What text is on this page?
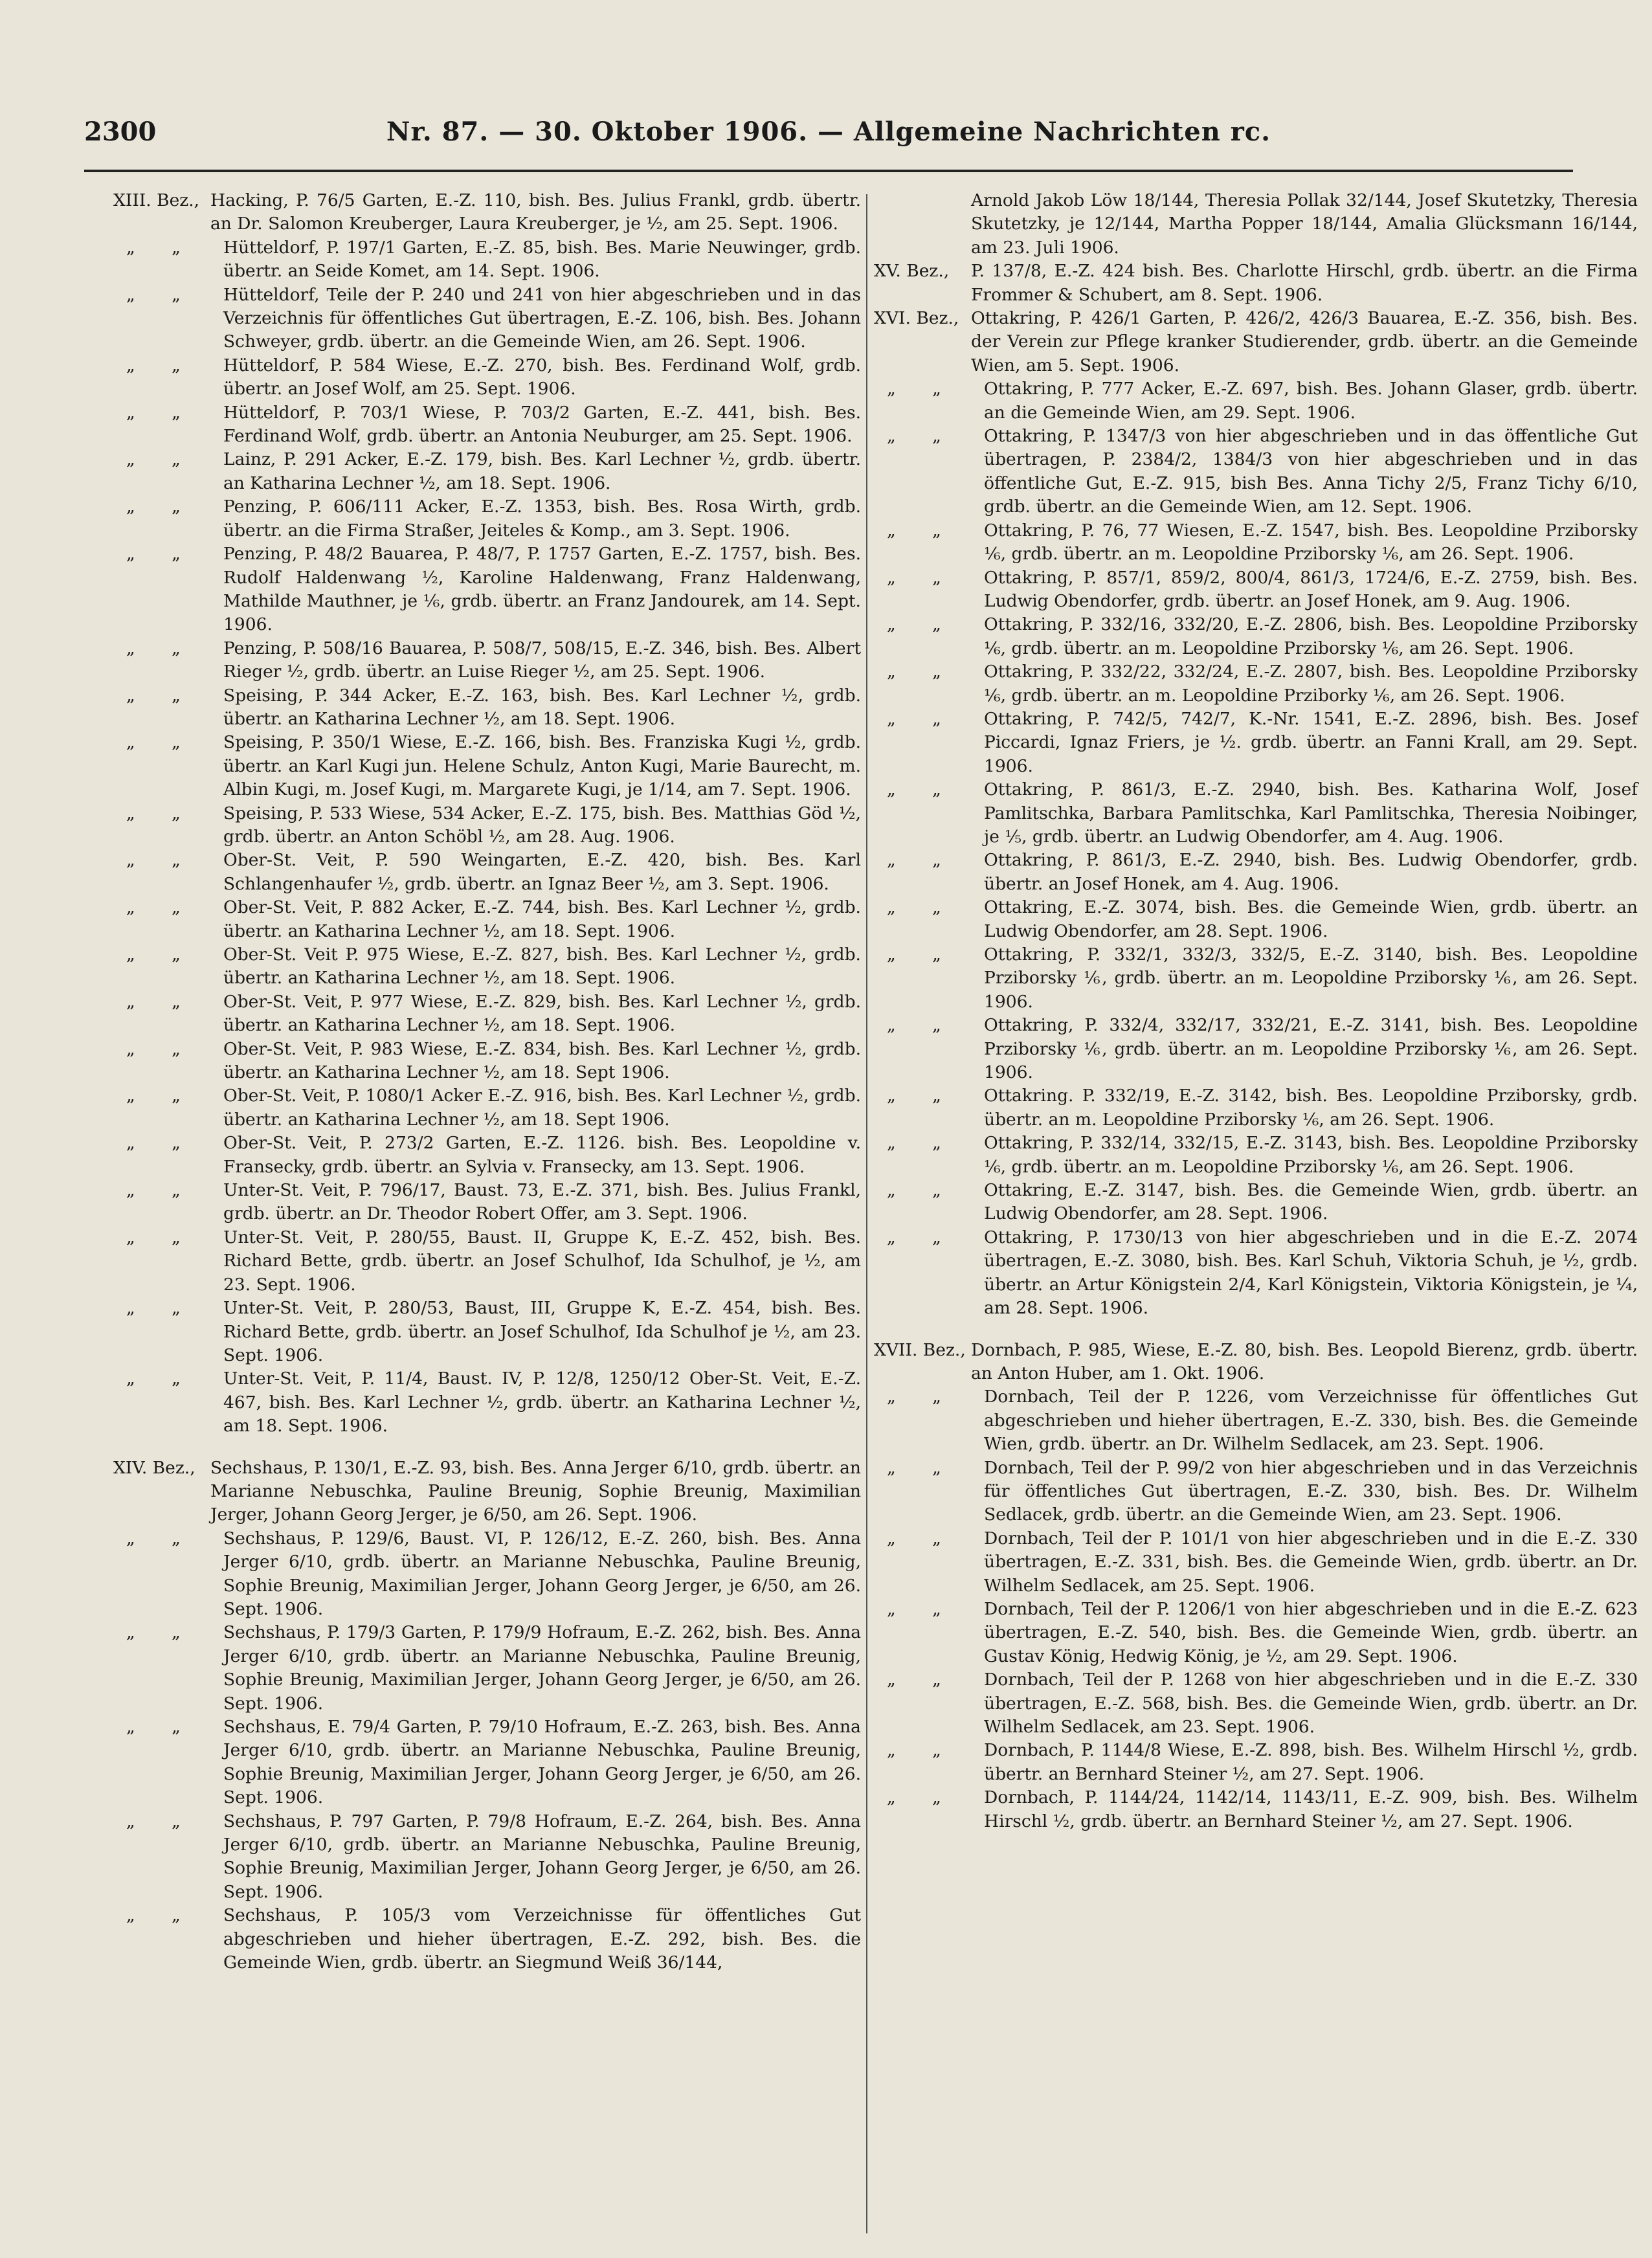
2300	Nr. 87. — 30. Oktober 1906. — Allgemeine Nachrichten rc.
XIII. Bez., Hacking, P. 76/5 Garten, E.-Z. 110, bish. Bes. Julius Frankl, grdb. übertr. an Dr. Salomon Kreuberger, Laura Kreuberger, je ½, am 25. Sept. 1906.
„ „	Hütteldorf, P. 197/1 Garten, E.-Z. 85, bish. Bes. Marie Neuwinger, grdb. übertr. an Seide Komet, am 14. Sept. 1906.
„ „	Hütteldorf, Teile der P. 240 und 241 von hier abgeschrieben und in das Verzeichnis für öffentliches Gut übertragen, E.-Z. 106, bish. Bes. Johann Schweyer, grdb. übertr. an die Gemeinde Wien, am 26. Sept. 1906.
„ „	Hütteldorf, P. 584 Wiese, E.-Z. 270, bish. Bes. Ferdinand Wolf, grdb. übertr. an Josef Wolf, am 25. Sept. 1906.
„ „	Hütteldorf, P. 703/1 Wiese, P. 703/2 Garten, E.-Z. 441, bish. Bes. Ferdinand Wolf, grdb. übertr. an Antonia Neuburger, am 25. Sept. 1906.
„ „	Lainz, P. 291 Acker, E.-Z. 179, bish. Bes. Karl Lechner ½, grdb. übertr. an Katharina Lechner ½, am 18. Sept. 1906.
„ „	Penzing, P. 606/111 Acker, E.-Z. 1353, bish. Bes. Rosa Wirth, grdb. übertr. an die Firma Straßer, Jeiteles & Komp., am 3. Sept. 1906.
„ „	Penzing, P. 48/2 Bauarea, P. 48/7, P. 1757 Garten, E.-Z. 1757, bish. Bes. Rudolf Haldenwang ½, Karoline Haldenwang, Franz Haldenwang, Mathilde Mauthner, je ⅙, grdb. übertr. an Franz Jandourek, am 14. Sept. 1906.
„ „	Penzing, P. 508/16 Bauarea, P. 508/7, 508/15, E.-Z. 346, bish. Bes. Albert Rieger ½, grdb. übertr. an Luise Rieger ½, am 25. Sept. 1906.
„ „	Speising, P. 344 Acker, E.-Z. 163, bish. Bes. Karl Lechner ½, grdb. übertr. an Katharina Lechner ½, am 18. Sept. 1906.
„ „	Speising, P. 350/1 Wiese, E.-Z. 166, bish. Bes. Franziska Kugi ½, grdb. übertr. an Karl Kugi jun. Helene Schulz, Anton Kugi, Marie Baurecht, m. Albin Kugi, m. Josef Kugi, m. Margarete Kugi, je 1/14, am 7. Sept. 1906.
„ „	Speising, P. 533 Wiese, 534 Acker, E.-Z. 175, bish. Bes. Matthias Göd ½, grdb. übertr. an Anton Schöbl ½, am 28. Aug. 1906.
„ „	Ober-St. Veit, P. 590 Weingarten, E.-Z. 420, bish. Bes. Karl Schlangenhaufer ½, grdb. übertr. an Ignaz Beer ½, am 3. Sept. 1906.
„ „	Ober-St. Veit, P. 882 Acker, E.-Z. 744, bish. Bes. Karl Lechner ½, grdb. übertr. an Katharina Lechner ½, am 18. Sept. 1906.
„ „	Ober-St. Veit P. 975 Wiese, E.-Z. 827, bish. Bes. Karl Lechner ½, grdb. übertr. an Katharina Lechner ½, am 18. Sept. 1906.
„ „	Ober-St. Veit, P. 977 Wiese, E.-Z. 829, bish. Bes. Karl Lechner ½, grdb. übertr. an Katharina Lechner ½, am 18. Sept. 1906.
„ „	Ober-St. Veit, P. 983 Wiese, E.-Z. 834, bish. Bes. Karl Lechner ½, grdb. übertr. an Katharina Lechner ½, am 18. Sept 1906.
„ „	Ober-St. Veit, P. 1080/1 Acker E.-Z. 916, bish. Bes. Karl Lechner ½, grdb. übertr. an Katharina Lechner ½, am 18. Sept 1906.
„ „	Ober-St. Veit, P. 273/2 Garten, E.-Z. 1126. bish. Bes. Leopoldine v. Fransecky, grdb. übertr. an Sylvia v. Fransecky, am 13. Sept. 1906.
„ „	Unter-St. Veit, P. 796/17, Baust. 73, E.-Z. 371, bish. Bes. Julius Frankl, grdb. übertr. an Dr. Theodor Robert Offer, am 3. Sept. 1906.
„ „	Unter-St. Veit, P. 280/55, Baust. II, Gruppe K, E.-Z. 452, bish. Bes. Richard Bette, grdb. übertr. an Josef Schulhof, Ida Schulhof, je ½, am 23. Sept. 1906.
„ „	Unter-St. Veit, P. 280/53, Baust, III, Gruppe K, E.-Z. 454, bish. Bes. Richard Bette, grdb. übertr. an Josef Schulhof, Ida Schulhof je ½, am 23. Sept. 1906.
„ „	Unter-St. Veit, P. 11/4, Baust. IV, P. 12/8, 1250/12 Ober-St. Veit, E.-Z. 467, bish. Bes. Karl Lechner ½, grdb. übertr. an Katharina Lechner ½, am 18. Sept. 1906.
XIV. Bez., Sechshaus, P. 130/1, E.-Z. 93, bish. Bes. Anna Jerger 6/10, grdb. übertr. an Marianne Nebuschka, Pauline Breunig, Sophie Breunig, Maximilian Jerger, Johann Georg Jerger, je 6/50, am 26. Sept. 1906.
„ „	Sechshaus, P. 129/6, Baust. VI, P. 126/12, E.-Z. 260, bish. Bes. Anna Jerger 6/10, grdb. übertr. an Marianne Nebuschka, Pauline Breunig, Sophie Breunig, Maximilian Jerger, Johann Georg Jerger, je 6/50, am 26. Sept. 1906.
„ „	Sechshaus, P. 179/3 Garten, P. 179/9 Hofraum, E.-Z. 262, bish. Bes. Anna Jerger 6/10, grdb. übertr. an Marianne Nebuschka, Pauline Breunig, Sophie Breunig, Maximilian Jerger, Johann Georg Jerger, je 6/50, am 26. Sept. 1906.
„ „	Sechshaus, E. 79/4 Garten, P. 79/10 Hofraum, E.-Z. 263, bish. Bes. Anna Jerger 6/10, grdb. übertr. an Marianne Nebuschka, Pauline Breunig, Sophie Breunig, Maximilian Jerger, Johann Georg Jerger, je 6/50, am 26. Sept. 1906.
„ „	Sechshaus, P. 797 Garten, P. 79/8 Hofraum, E.-Z. 264, bish. Bes. Anna Jerger 6/10, grdb. übertr. an Marianne Nebuschka, Pauline Breunig, Sophie Breunig, Maximilian Jerger, Johann Georg Jerger, je 6/50, am 26. Sept. 1906.
„ „	Sechshaus, P. 105/3 vom Verzeichnisse für öffentliches Gut abgeschrieben und hieher übertragen, E.-Z. 292, bish. Bes. die Gemeinde Wien, grdb. übertr. an Siegmund Weiß 36/144,
Arnold Jakob Löw 18/144, Theresia Pollak 32/144, Josef Skutetzky, Theresia Skutetzky, je 12/144, Martha Popper 18/144, Amalia Glücksmann 16/144, am 23. Juli 1906.
XV. Bez.,	P. 137/8, E.-Z. 424 bish. Bes. Charlotte Hirschl, grdb. übertr. an die Firma Frommer & Schubert, am 8. Sept. 1906.
XVI. Bez., Ottakring, P. 426/1 Garten, P. 426/2, 426/3 Bauarea, E.-Z. 356, bish. Bes. der Verein zur Pflege kranker Studierender, grdb. übertr. an die Gemeinde Wien, am 5. Sept. 1906.
„ „	Ottakring, P. 777 Acker, E.-Z. 697, bish. Bes. Johann Glaser, grdb. übertr. an die Gemeinde Wien, am 29. Sept. 1906.
„ „	Ottakring, P. 1347/3 von hier abgeschrieben und in das öffentliche Gut übertragen, P. 2384/2, 1384/3 von hier abgeschrieben und in das öffentliche Gut, E.-Z. 915, bish Bes. Anna Tichy 2/5, Franz Tichy 6/10, grdb. übertr. an die Gemeinde Wien, am 12. Sept. 1906.
„ „	Ottakring, P. 76, 77 Wiesen, E.-Z. 1547, bish. Bes. Leopoldine Prziborsky ⅙, grdb. übertr. an m. Leopoldine Prziborsky ⅙, am 26. Sept. 1906.
„ „	Ottakring, P. 857/1, 859/2, 800/4, 861/3, 1724/6, E.-Z. 2759, bish. Bes. Ludwig Obendorfer, grdb. übertr. an Josef Honek, am 9. Aug. 1906.
„ „	Ottakring, P. 332/16, 332/20, E.-Z. 2806, bish. Bes. Leopoldine Prziborsky ⅙, grdb. übertr. an m. Leopoldine Prziborsky ⅙, am 26. Sept. 1906.
„ „	Ottakring, P. 332/22, 332/24, E.-Z. 2807, bish. Bes. Leopoldine Prziborsky ⅙, grdb. übertr. an m. Leopoldine Prziborky ⅙, am 26. Sept. 1906.
„ „	Ottakring, P. 742/5, 742/7, K.-Nr. 1541, E.-Z. 2896, bish. Bes. Josef Piccardi, Ignaz Friers, je ½. grdb. übertr. an Fanni Krall, am 29. Sept. 1906.
„ „	Ottakring, P. 861/3, E.-Z. 2940, bish. Bes. Katharina Wolf, Josef Pamlitschka, Barbara Pamlitschka, Karl Pamlitschka, Theresia Noibinger, je ⅕, grdb. übertr. an Ludwig Obendorfer, am 4. Aug. 1906.
„ „	Ottakring, P. 861/3, E.-Z. 2940, bish. Bes. Ludwig Obendorfer, grdb. übertr. an Josef Honek, am 4. Aug. 1906.
„ „	Ottakring, E.-Z. 3074, bish. Bes. die Gemeinde Wien, grdb. übertr. an Ludwig Obendorfer, am 28. Sept. 1906.
„ „	Ottakring, P. 332/1, 332/3, 332/5, E.-Z. 3140, bish. Bes. Leopoldine Prziborsky ⅙, grdb. übertr. an m. Leopoldine Prziborsky ⅙, am 26. Sept. 1906.
„ „	Ottakring, P. 332/4, 332/17, 332/21, E.-Z. 3141, bish. Bes. Leopoldine Prziborsky ⅙, grdb. übertr. an m. Leopoldine Prziborsky ⅙, am 26. Sept. 1906.
„ „	Ottakring. P. 332/19, E.-Z. 3142, bish. Bes. Leopoldine Prziborsky, grdb. übertr. an m. Leopoldine Prziborsky ⅙, am 26. Sept. 1906.
„ „	Ottakring, P. 332/14, 332/15, E.-Z. 3143, bish. Bes. Leopoldine Prziborsky ⅙, grdb. übertr. an m. Leopoldine Prziborsky ⅙, am 26. Sept. 1906.
„ „	Ottakring, E.-Z. 3147, bish. Bes. die Gemeinde Wien, grdb. übertr. an Ludwig Obendorfer, am 28. Sept. 1906.
„ „	Ottakring, P. 1730/13 von hier abgeschrieben und in die E.-Z. 2074 übertragen, E.-Z. 3080, bish. Bes. Karl Schuh, Viktoria Schuh, je ½, grdb. übertr. an Artur Königstein 2/4, Karl Königstein, Viktoria Königstein, je ¼, am 28. Sept. 1906.
XVII. Bez., Dornbach, P. 985, Wiese, E.-Z. 80, bish. Bes. Leopold Bierenz, grdb. übertr. an Anton Huber, am 1. Okt. 1906.
„ „	Dornbach, Teil der P. 1226, vom Verzeichnisse für öffentliches Gut abgeschrieben und hieher übertragen, E.-Z. 330, bish. Bes. die Gemeinde Wien, grdb. übertr. an Dr. Wilhelm Sedlacek, am 23. Sept. 1906.
„ „	Dornbach, Teil der P. 99/2 von hier abgeschrieben und in das Verzeichnis für öffentliches Gut übertragen, E.-Z. 330, bish. Bes. Dr. Wilhelm Sedlacek, grdb. übertr. an die Gemeinde Wien, am 23. Sept. 1906.
„ „	Dornbach, Teil der P. 101/1 von hier abgeschrieben und in die E.-Z. 330 übertragen, E.-Z. 331, bish. Bes. die Gemeinde Wien, grdb. übertr. an Dr. Wilhelm Sedlacek, am 25. Sept. 1906.
„ „	Dornbach, Teil der P. 1206/1 von hier abgeschrieben und in die E.-Z. 623 übertragen, E.-Z. 540, bish. Bes. die Gemeinde Wien, grdb. übertr. an Gustav König, Hedwig König, je ½, am 29. Sept. 1906.
„ „	Dornbach, Teil der P. 1268 von hier abgeschrieben und in die E.-Z. 330 übertragen, E.-Z. 568, bish. Bes. die Gemeinde Wien, grdb. übertr. an Dr. Wilhelm Sedlacek, am 23. Sept. 1906.
„ „	Dornbach, P. 1144/8 Wiese, E.-Z. 898, bish. Bes. Wilhelm Hirschl ½, grdb. übertr. an Bernhard Steiner ½, am 27. Sept. 1906.
„ „	Dornbach, P. 1144/24, 1142/14, 1143/11, E.-Z. 909, bish. Bes. Wilhelm Hirschl ½, grdb. übertr. an Bernhard Steiner ½, am 27. Sept. 1906.
